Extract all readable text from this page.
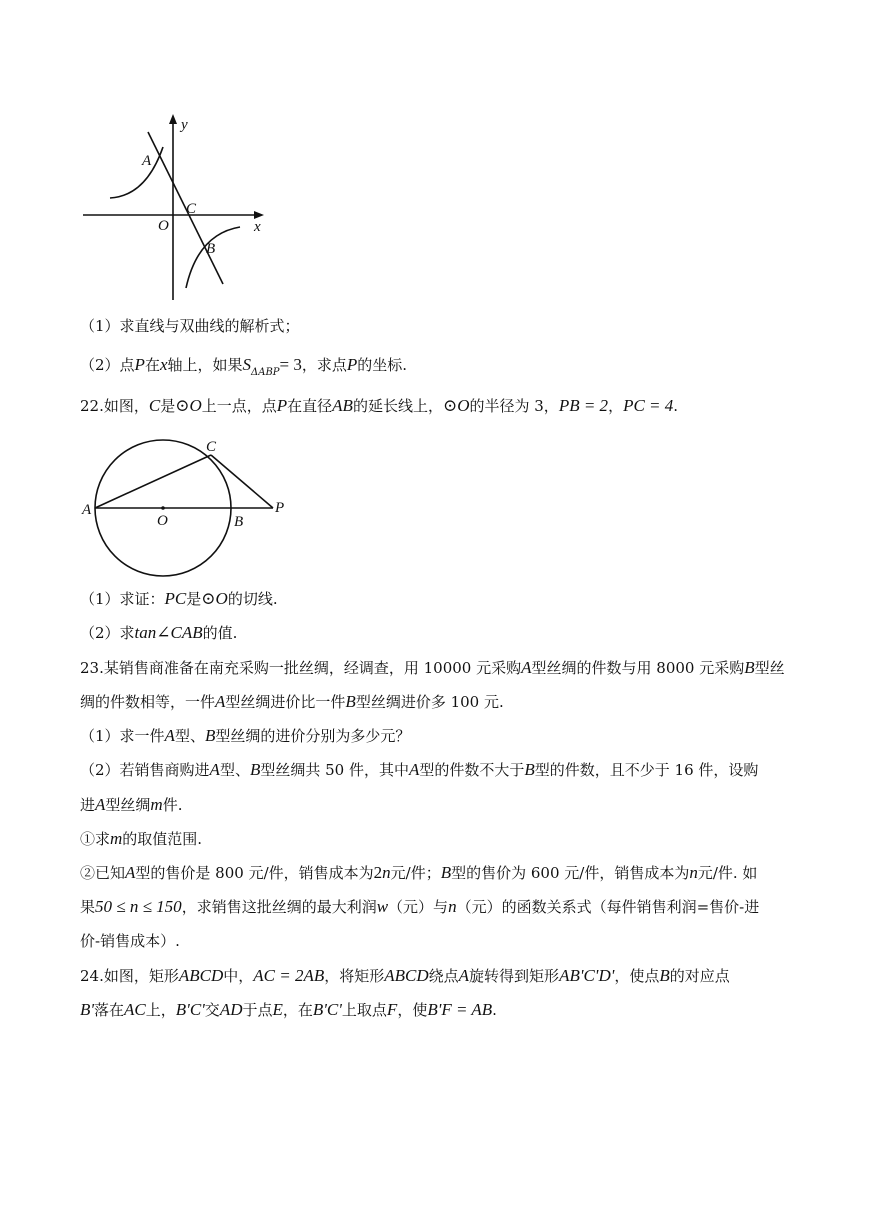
y
A
C
O	x
B
（1）求直线与双曲线的解析式；
（2）点P在x轴上，如果$S_{\Delta ABP}= 3$，求点P的坐标.
22.如图，C是⊙O上一点，点P在直径AB的延长线上，⊙O的半径为 3，PB = 2，PC = 4.
A
O	B
C
P
（1）求证：PC是⊙O的切线.
（2）求tan∠CAB的值.
23.某销售商准备在南充采购一批丝绸，经调查，用 10000 元采购A型丝绸的件数与用 8000 元采购B型丝
绸的件数相等，一件A型丝绸进价比一件B型丝绸进价多 100 元.
（1）求一件A型、B型丝绸的进价分别为多少元？
（2）若销售商购进A型、B型丝绸共 50 件，其中A型的件数不大于B型的件数，且不少于 16 件，设购
进A型丝绸m件.
①求m的取值范围.
②已知A型的售价是 800 元/件，销售成本为2n元/件；B型的售价为 600 元/件，销售成本为n元/件. 如
果50 ≤ n ≤ 150，求销售这批丝绸的最大利润w（元）与n（元）的函数关系式（每件销售利润=售价-进
价-销售成本）.
24.如图，矩形ABCD中，AC = 2AB，将矩形ABCD绕点A旋转得到矩形AB'C'D'，使点B的对应点
B'落在AC上，B'C'交AD于点E，在B'C'上取点F，使B'F = AB.
